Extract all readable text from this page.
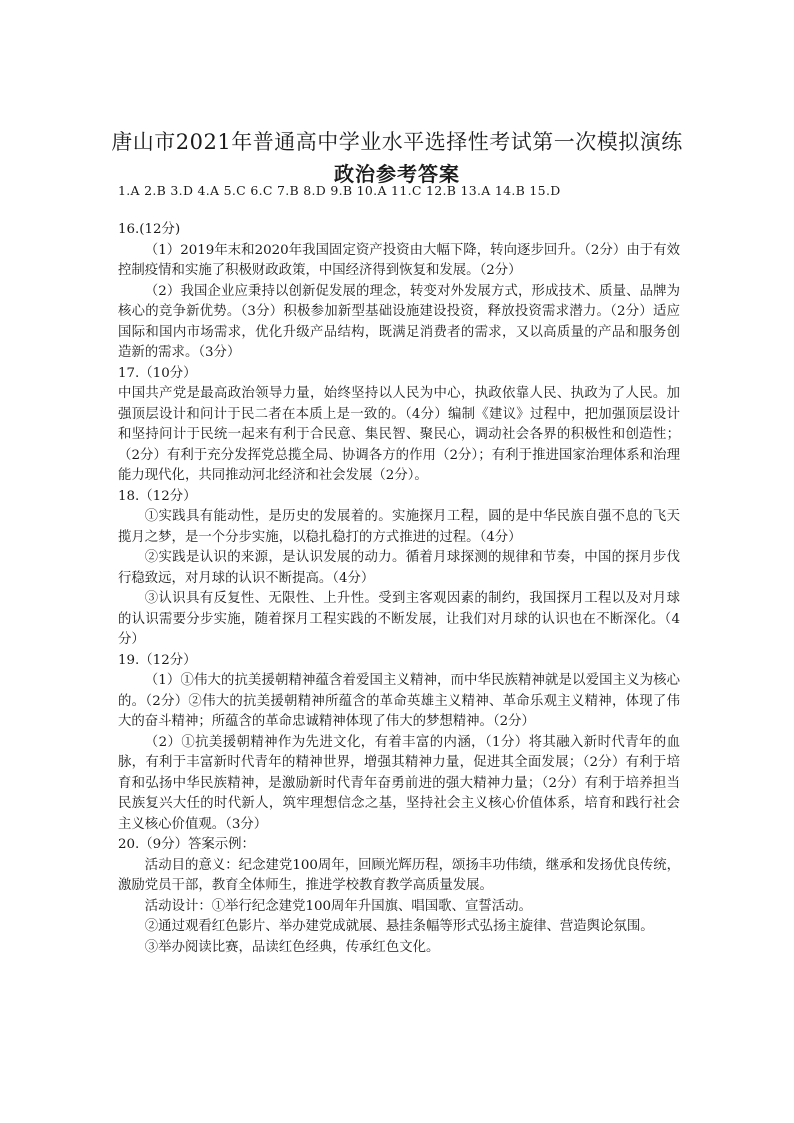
唐山市2021年普通高中学业水平选择性考试第一次模拟演练
政治参考答案
1.A 2.B 3.D 4.A 5.C 6.C 7.B 8.D 9.B 10.A 11.C 12.B 13.A 14.B 15.D

16.(12分)

（1）2019年末和2020年我国固定资产投资由大幅下降，转向逐步回升。（2分）由于有效控制疫情和实施了积极财政政策，中国经济得到恢复和发展。（2分）

（2）我国企业应秉持以创新促发展的理念，转变对外发展方式，形成技术、质量、品牌为核心的竞争新优势。（3分）积极参加新型基础设施建设投资，释放投资需求潜力。（2分）适应国际和国内市场需求，优化升级产品结构，既满足消费者的需求，又以高质量的产品和服务创造新的需求。（3分）

17.（10分）

中国共产党是最高政治领导力量，始终坚持以人民为中心，执政依靠人民、执政为了人民。加强顶层设计和问计于民二者在本质上是一致的。（4分）编制《建议》过程中，把加强顶层设计和坚持问计于民统一起来有利于合民意、集民智、聚民心，调动社会各界的积极性和创造性；（2分）有利于充分发挥党总揽全局、协调各方的作用（2分）；有利于推进国家治理体系和治理能力现代化，共同推动河北经济和社会发展（2分）。

18.（12分）

①实践具有能动性，是历史的发展着的。实施探月工程，圆的是中华民族自强不息的飞天揽月之梦，是一个分步实施，以稳扎稳打的方式推进的过程。（4分）

②实践是认识的来源，是认识发展的动力。循着月球探测的规律和节奏，中国的探月步伐行稳致远，对月球的认识不断提高。（4分）

③认识具有反复性、无限性、上升性。受到主客观因素的制约，我国探月工程以及对月球的认识需要分步实施，随着探月工程实践的不断发展，让我们对月球的认识也在不断深化。（4分）

19.（12分）

（1）①伟大的抗美援朝精神蕴含着爱国主义精神，而中华民族精神就是以爱国主义为核心的。（2分）②伟大的抗美援朝精神所蕴含的革命英雄主义精神、革命乐观主义精神，体现了伟大的奋斗精神；所蕴含的革命忠诚精神体现了伟大的梦想精神。（2分）

（2）①抗美援朝精神作为先进文化，有着丰富的内涵，（1分）将其融入新时代青年的血脉，有利于丰富新时代青年的精神世界，增强其精神力量，促进其全面发展；（2分）有利于培育和弘扬中华民族精神，是激励新时代青年奋勇前进的强大精神力量；（2分）有利于培养担当民族复兴大任的时代新人，筑牢理想信念之基，坚持社会主义核心价值体系，培育和践行社会主义核心价值观。（3分）

20.（9分）答案示例：

活动目的意义：纪念建党100周年，回顾光辉历程，颂扬丰功伟绩，继承和发扬优良传统，激励党员干部，教育全体师生，推进学校教育教学高质量发展。

活动设计：①举行纪念建党100周年升国旗、唱国歌、宣誓活动。

②通过观看红色影片、举办建党成就展、悬挂条幅等形式弘扬主旋律、营造舆论氛围。

③举办阅读比赛，品读红色经典，传承红色文化。
